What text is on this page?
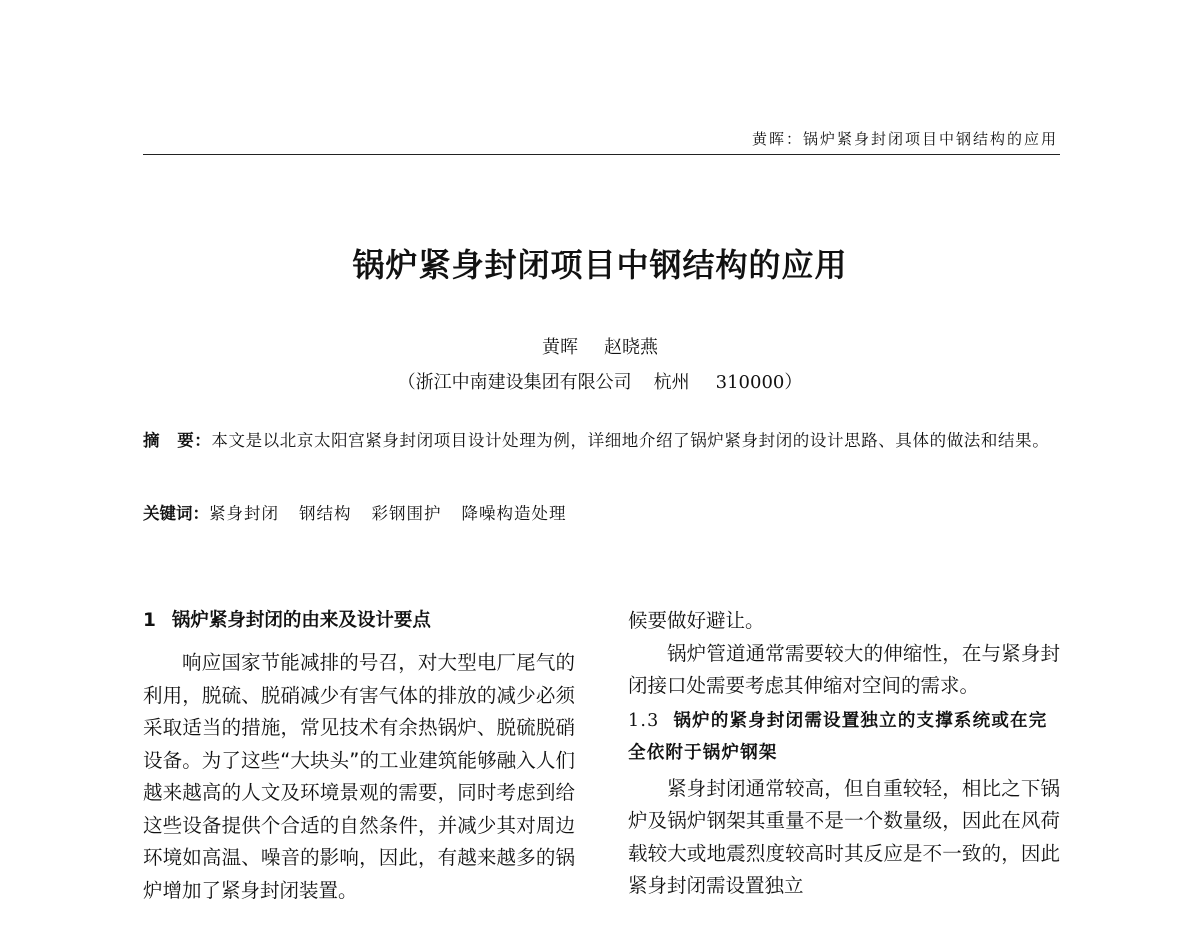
黄晖：锅炉紧身封闭项目中钢结构的应用
锅炉紧身封闭项目中钢结构的应用
黄晖 赵晓燕
（浙江中南建设集团有限公司 杭州 310000）
摘　要：本文是以北京太阳宫紧身封闭项目设计处理为例，详细地介绍了锅炉紧身封闭的设计思路、具体的做法和结果。
关键词：紧身封闭 钢结构 彩钢围护 降噪构造处理
1 锅炉紧身封闭的由来及设计要点

响应国家节能减排的号召，对大型电厂尾气的利用，脱硫、脱硝减少有害气体的排放的减少必须采取适当的措施，常见技术有余热锅炉、脱硫脱硝设备。为了这些“大块头”的工业建筑能够融入人们越来越高的人文及环境景观的需要，同时考虑到给这些设备提供个合适的自然条件，并减少其对周边环境如高温、噪音的影响，因此，有越来越多的锅炉增加了紧身封闭装置。

候要做好避让。

锅炉管道通常需要较大的伸缩性，在与紧身封闭接口处需要考虑其伸缩对空间的需求。

1.3 锅炉的紧身封闭需设置独立的支撑系统或在完全依附于锅炉钢架

紧身封闭通常较高，但自重较轻，相比之下锅炉及锅炉钢架其重量不是一个数量级，因此在风荷载较大或地震烈度较高时其反应是不一致的，因此紧身封闭需设置独立
